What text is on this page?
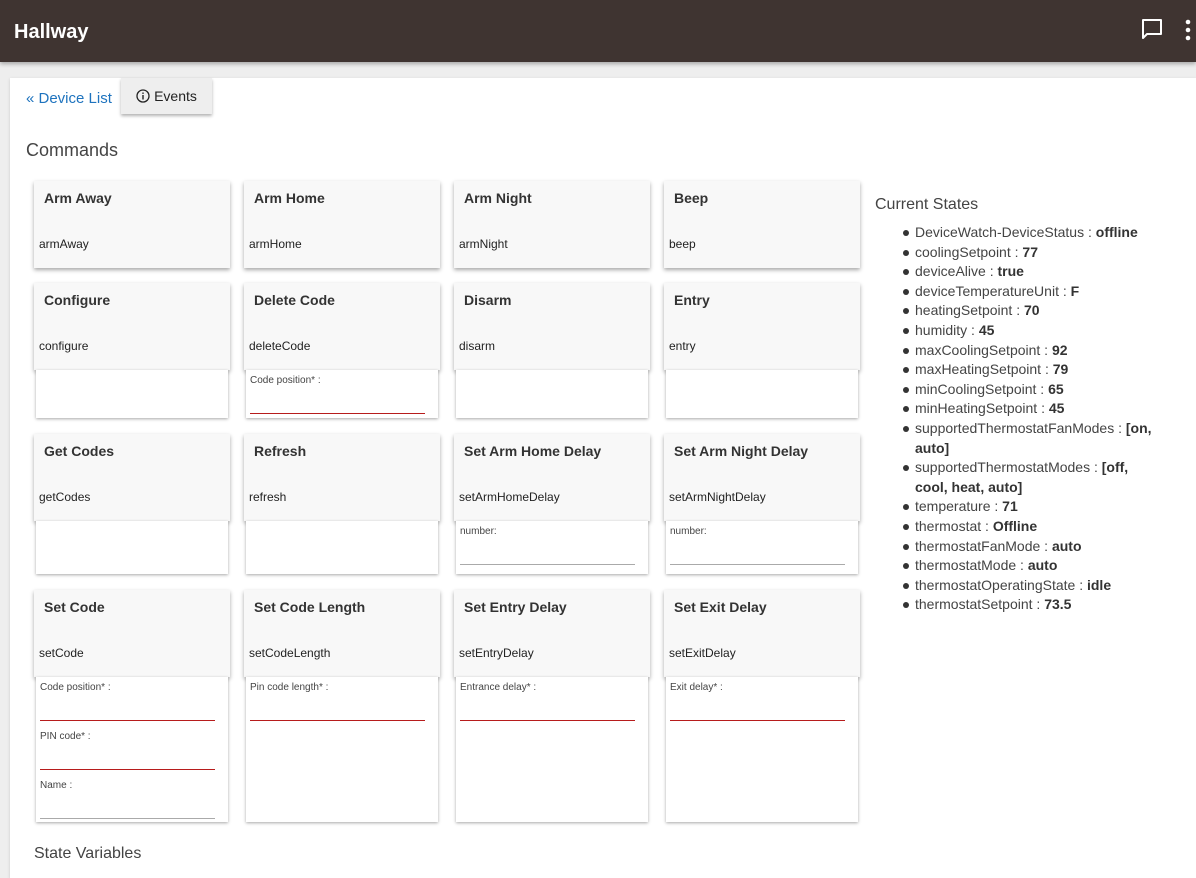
Hallway
« Device List	Events
Commands
Arm Away
armAway
Arm Home
armHome
Arm Night
armNight
Beep
beep
Configure
configure
Delete Code
deleteCode
Code position* :
Disarm
disarm
Entry
entry
Get Codes
getCodes
Refresh
refresh
Set Arm Home Delay
setArmHomeDelay
number:
Set Arm Night Delay
setArmNightDelay
number:
Set Code
setCode
Code position* :
PIN code* :
Name :
Set Code Length
setCodeLength
Pin code length* :
Set Entry Delay
setEntryDelay
Entrance delay* :
Set Exit Delay
setExitDelay
Exit delay* :
Current States
DeviceWatch-DeviceStatus : offline
coolingSetpoint : 77
deviceAlive : true
deviceTemperatureUnit : F
heatingSetpoint : 70
humidity : 45
maxCoolingSetpoint : 92
maxHeatingSetpoint : 79
minCoolingSetpoint : 65
minHeatingSetpoint : 45
supportedThermostatFanModes : [on, auto]
supportedThermostatModes : [off, cool, heat, auto]
temperature : 71
thermostat : Offline
thermostatFanMode : auto
thermostatMode : auto
thermostatOperatingState : idle
thermostatSetpoint : 73.5
State Variables
